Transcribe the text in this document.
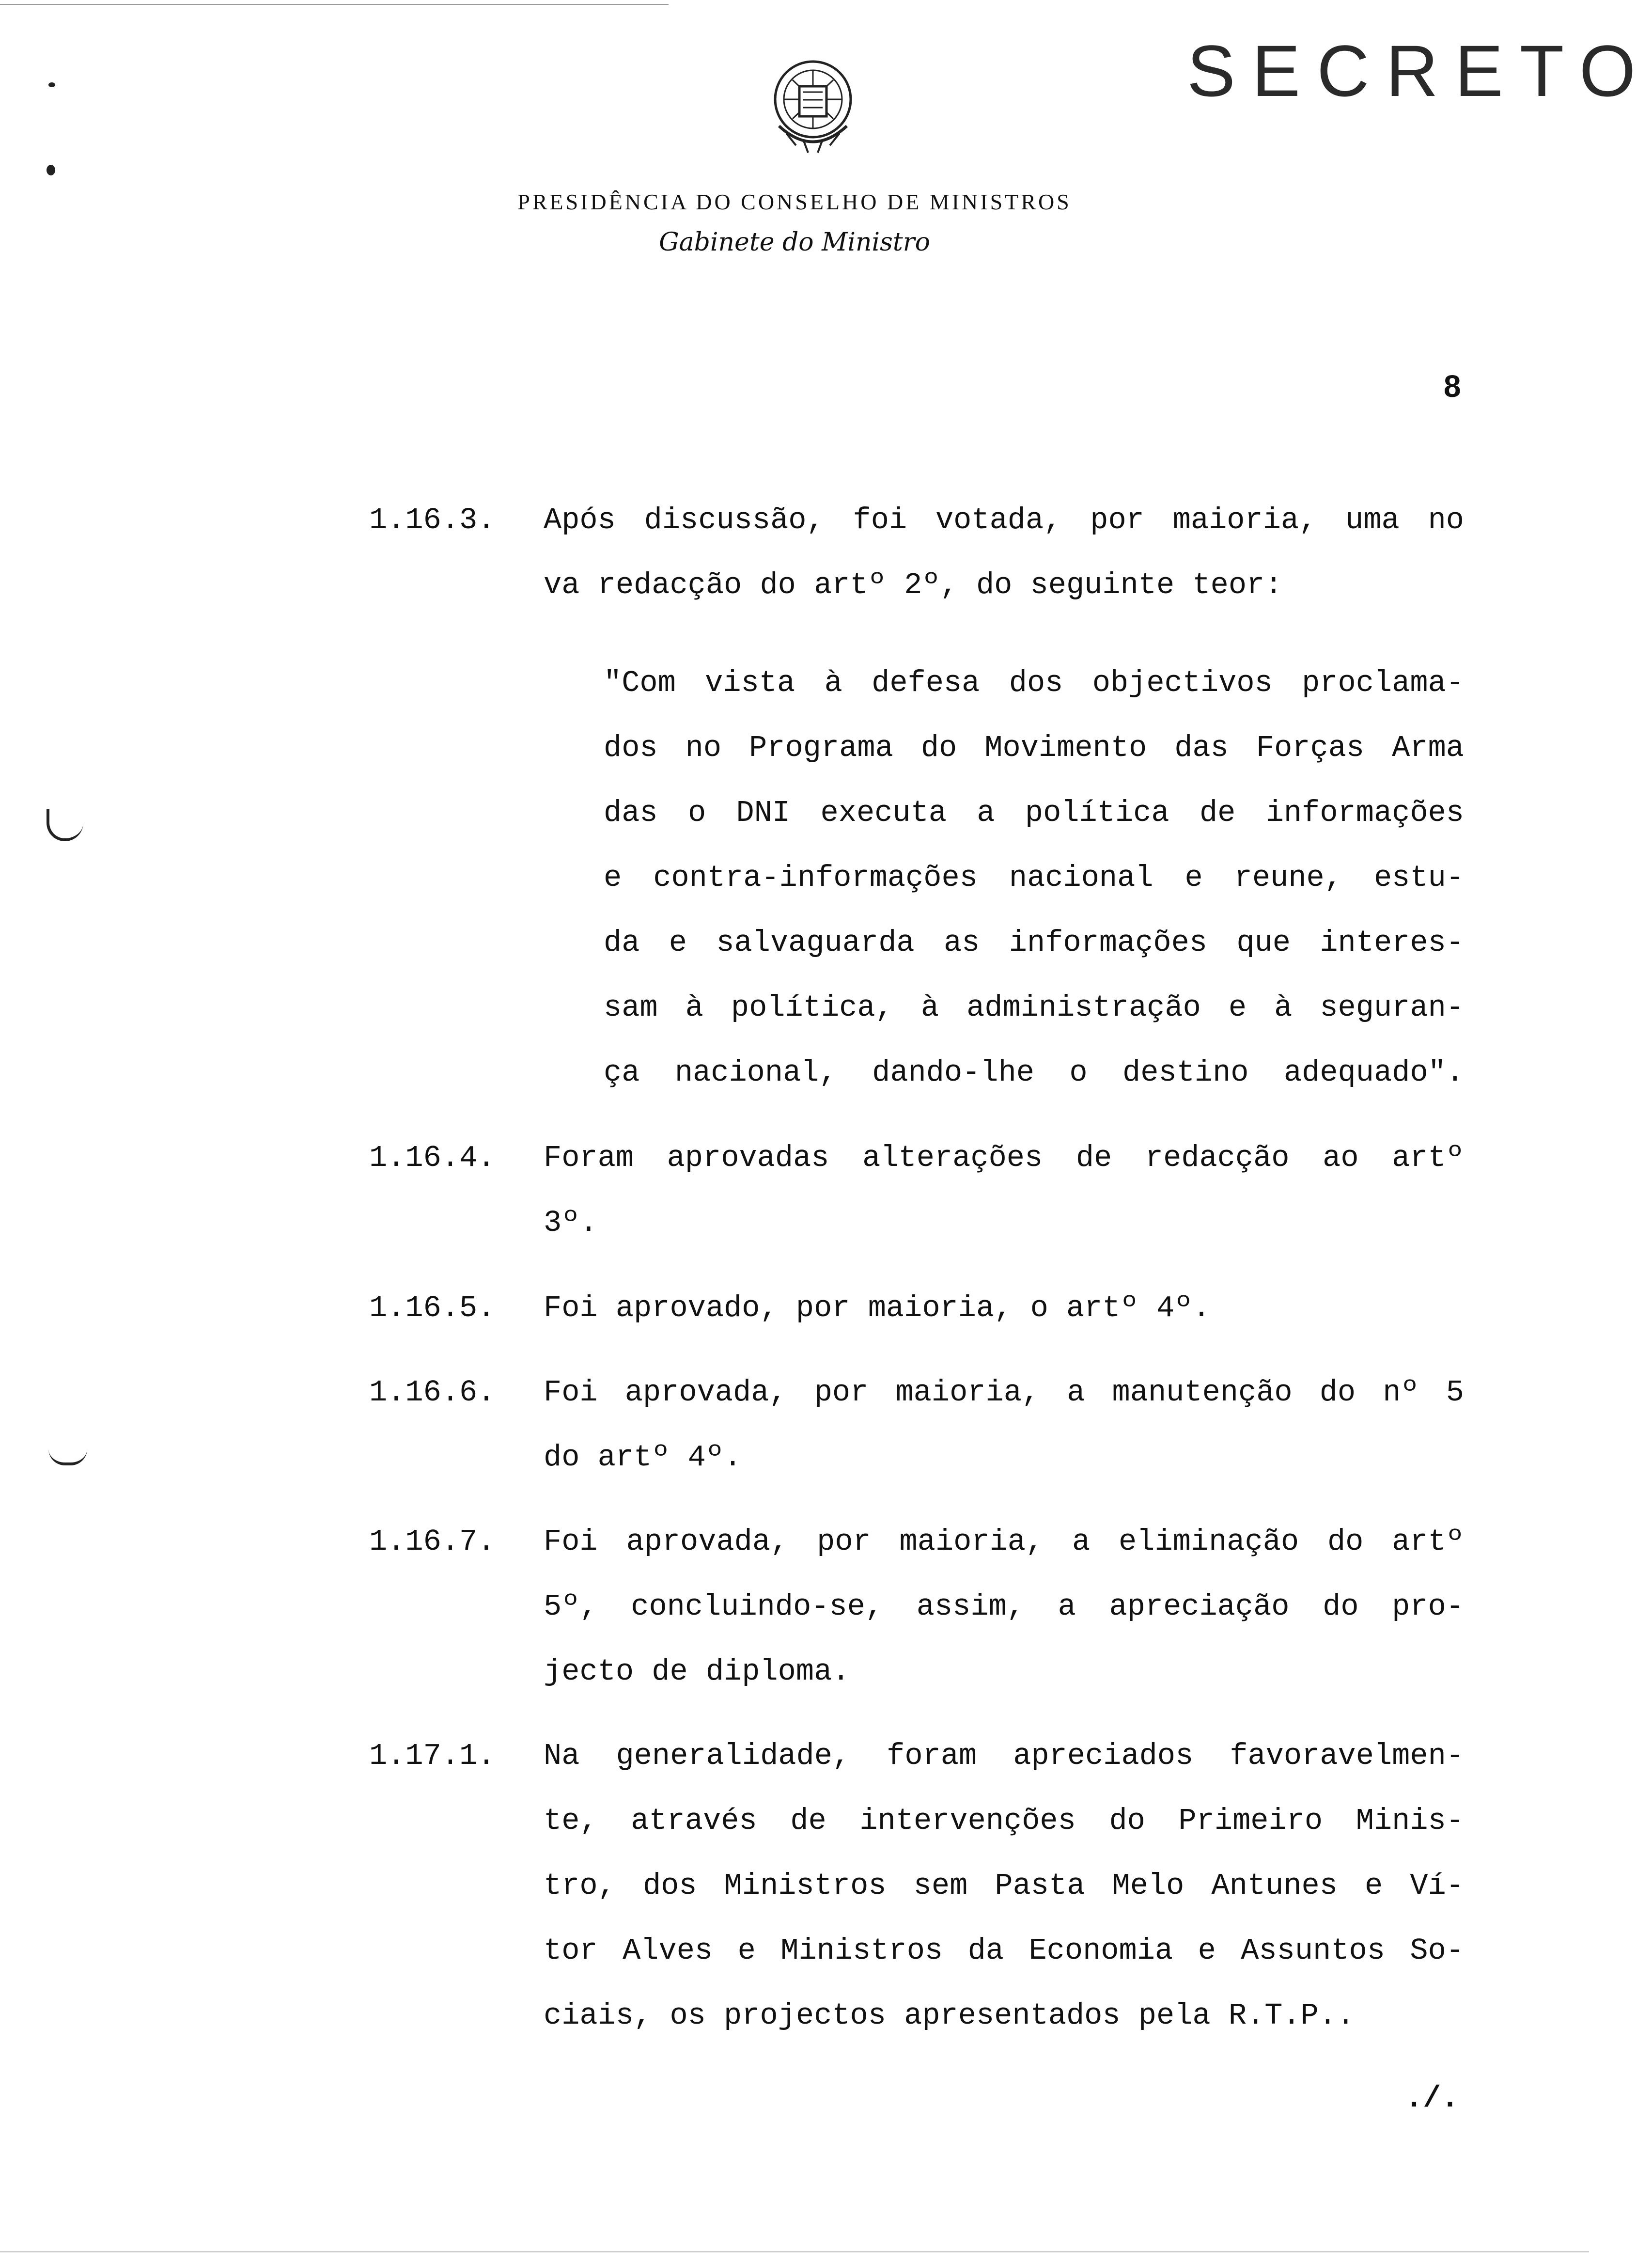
SECRETO
PRESIDÊNCIA DO CONSELHO DE MINISTROS
Gabinete do Ministro
8
1.16.3. Após discussão, foi votada, por maioria, uma no
va redacção do artº 2º, do seguinte teor:
"Com vista à defesa dos objectivos proclama-
dos no Programa do Movimento das Forças Arma
das o DNI executa a política de informações
e contra-informações nacional e reune, estu-
da e salvaguarda as informações que interes-
sam à política, à administração e à seguran-
ça nacional, dando-lhe o destino adequado".
1.16.4. Foram aprovadas alterações de redacção ao artº
3º.
1.16.5. Foi aprovado, por maioria, o artº 4º.
1.16.6. Foi aprovada, por maioria, a manutenção do nº 5
do artº 4º.
1.16.7. Foi aprovada, por maioria, a eliminação do artº
5º, concluindo-se, assim, a apreciação do pro-
jecto de diploma.
1.17.1. Na generalidade, foram apreciados favoravelmen-
te, através de intervenções do Primeiro Minis-
tro, dos Ministros sem Pasta Melo Antunes e Ví-
tor Alves e Ministros da Economia e Assuntos So-
ciais, os projectos apresentados pela R.T.P..
./.
